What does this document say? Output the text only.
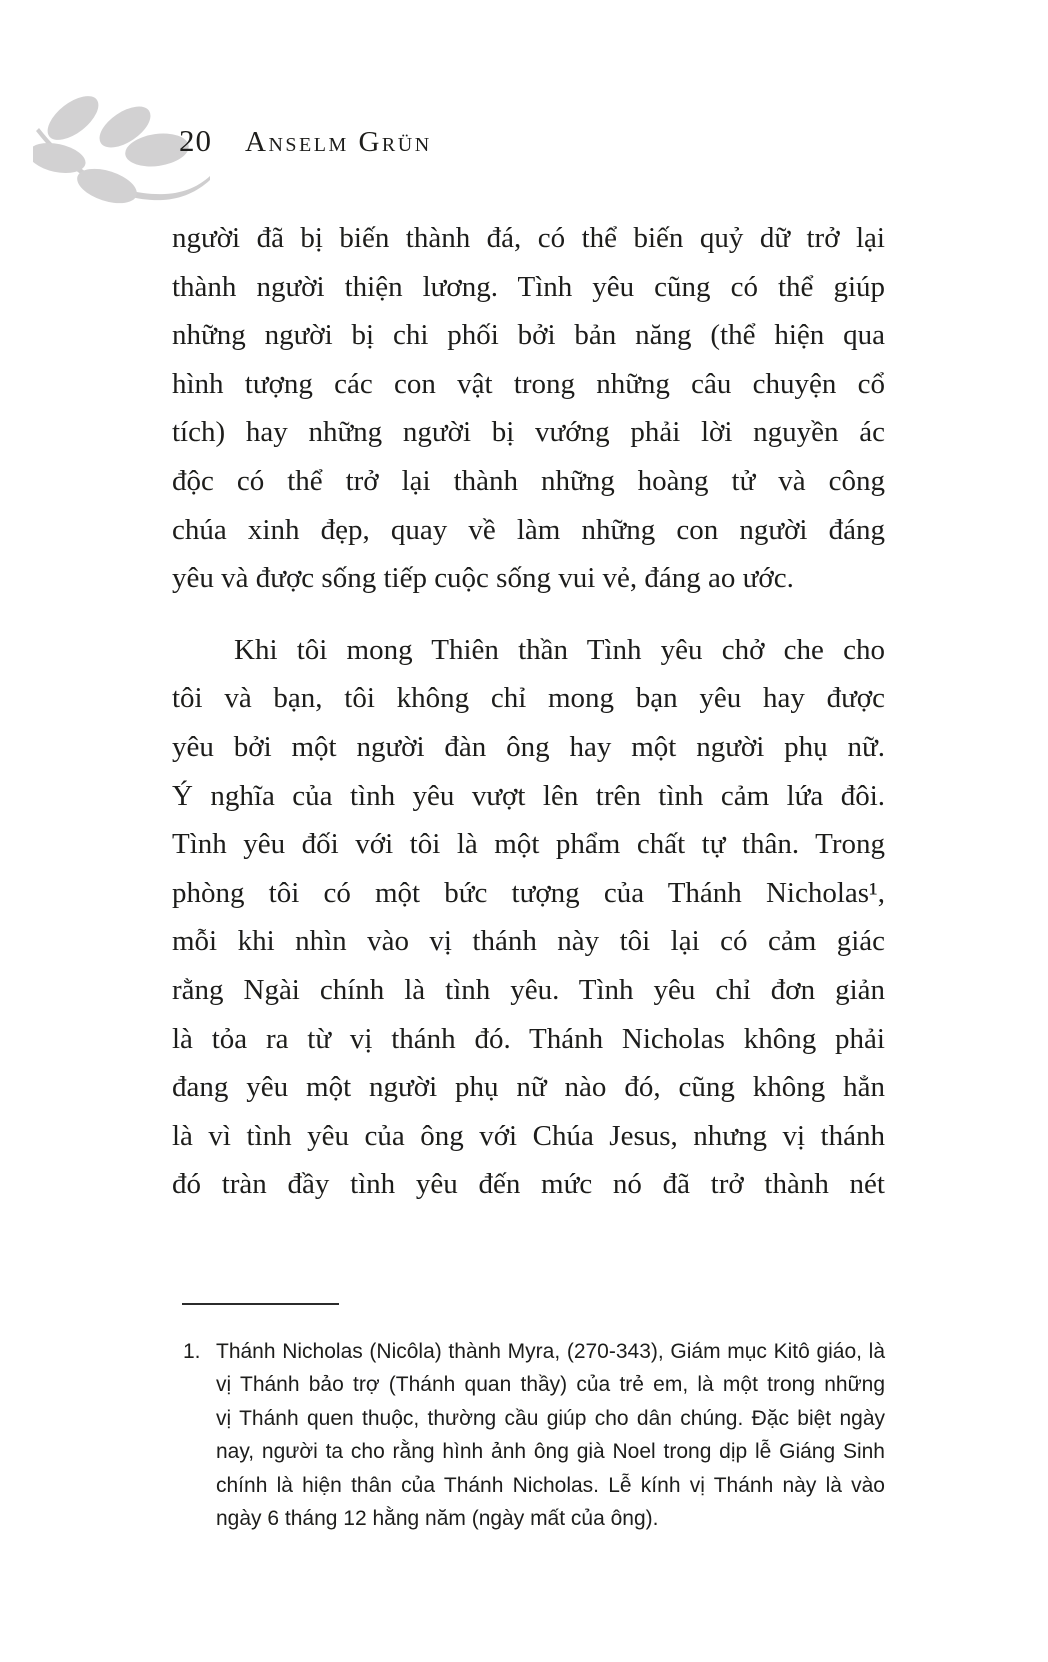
20 Anselm Grün
người đã bị biến thành đá, có thể biến quỷ dữ trở lại
thành người thiện lương. Tình yêu cũng có thể giúp
những người bị chi phối bởi bản năng (thể hiện qua
hình tượng các con vật trong những câu chuyện cổ
tích) hay những người bị vướng phải lời nguyền ác
độc có thể trở lại thành những hoàng tử và công
chúa xinh đẹp, quay về làm những con người đáng
yêu và được sống tiếp cuộc sống vui vẻ, đáng ao ước.
Khi tôi mong Thiên thần Tình yêu chở che cho
tôi và bạn, tôi không chỉ mong bạn yêu hay được
yêu bởi một người đàn ông hay một người phụ nữ.
Ý nghĩa của tình yêu vượt lên trên tình cảm lứa đôi.
Tình yêu đối với tôi là một phẩm chất tự thân. Trong
phòng tôi có một bức tượng của Thánh Nicholas¹,
mỗi khi nhìn vào vị thánh này tôi lại có cảm giác
rằng Ngài chính là tình yêu. Tình yêu chỉ đơn giản
là tỏa ra từ vị thánh đó. Thánh Nicholas không phải
đang yêu một người phụ nữ nào đó, cũng không hẳn
là vì tình yêu của ông với Chúa Jesus, nhưng vị thánh
đó tràn đầy tình yêu đến mức nó đã trở thành nét
1. Thánh Nicholas (Nicôla) thành Myra, (270-343), Giám mục Kitô giáo, là
vị Thánh bảo trợ (Thánh quan thầy) của trẻ em, là một trong những
vị Thánh quen thuộc, thường cầu giúp cho dân chúng. Đặc biệt ngày
nay, người ta cho rằng hình ảnh ông già Noel trong dịp lễ Giáng Sinh
chính là hiện thân của Thánh Nicholas. Lễ kính vị Thánh này là vào
ngày 6 tháng 12 hằng năm (ngày mất của ông).
